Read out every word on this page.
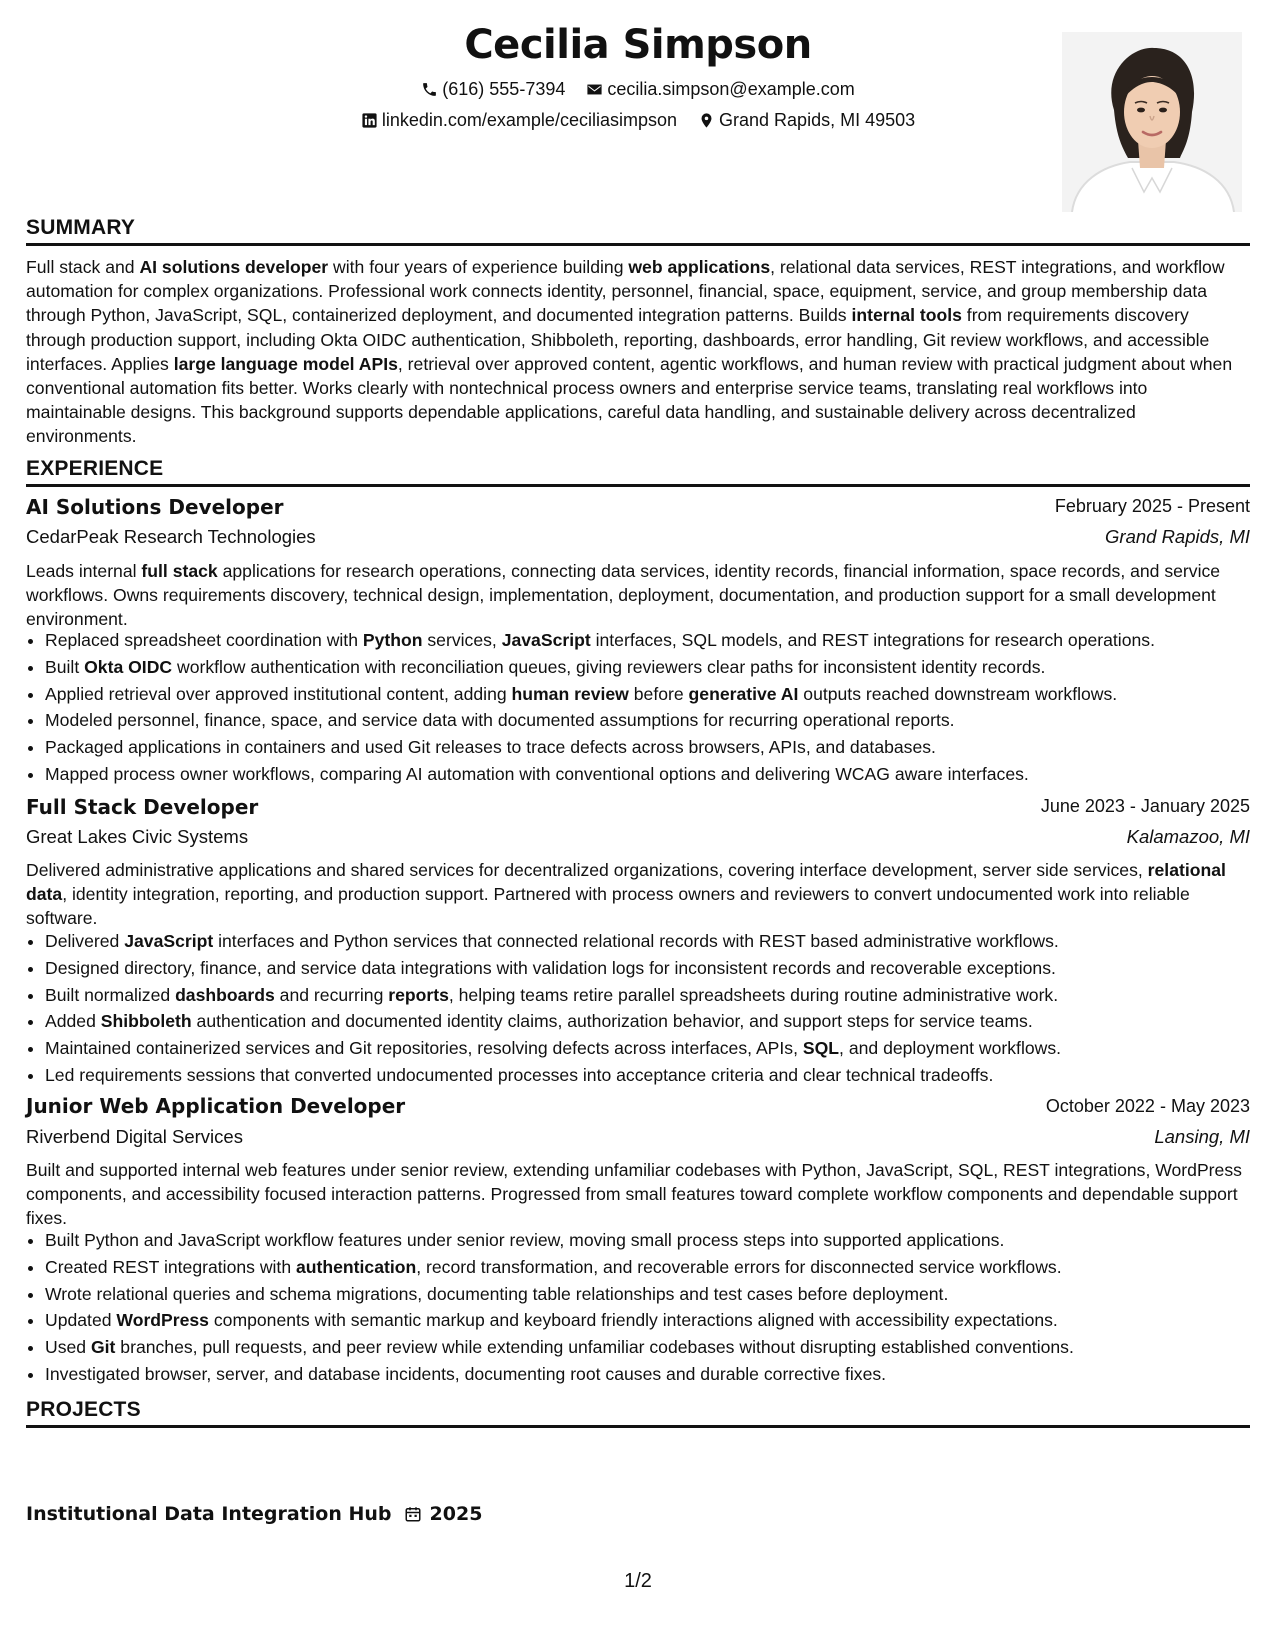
Cecilia Simpson
(616) 555-7394
cecilia.simpson@example.com
linkedin.com/example/ceciliasimpson
Grand Rapids, MI 49503
SUMMARY

Full stack and AI solutions developer with four years of experience building web applications, relational data services, REST integrations, and workflow automation for complex organizations. Professional work connects identity, personnel, financial, space, equipment, service, and group membership data through Python, JavaScript, SQL, containerized deployment, and documented integration patterns. Builds internal tools from requirements discovery through production support, including Okta OIDC authentication, Shibboleth, reporting, dashboards, error handling, Git review workflows, and accessible interfaces. Applies large language model APIs, retrieval over approved content, agentic workflows, and human review with practical judgment about when conventional automation fits better. Works clearly with nontechnical process owners and enterprise service teams, translating real workflows into maintainable designs. This background supports dependable applications, careful data handling, and sustainable delivery across decentralized environments.

EXPERIENCE
AI Solutions Developer	February 2025 - Present
CedarPeak Research Technologies	Grand Rapids, MI

Leads internal full stack applications for research operations, connecting data services, identity records, financial information, space records, and service workflows. Owns requirements discovery, technical design, implementation, deployment, documentation, and production support for a small development environment.

• Replaced spreadsheet coordination with Python services, JavaScript interfaces, SQL models, and REST integrations for research operations.
• Built Okta OIDC workflow authentication with reconciliation queues, giving reviewers clear paths for inconsistent identity records.
• Applied retrieval over approved institutional content, adding human review before generative AI outputs reached downstream workflows.
• Modeled personnel, finance, space, and service data with documented assumptions for recurring operational reports.
• Packaged applications in containers and used Git releases to trace defects across browsers, APIs, and databases.
• Mapped process owner workflows, comparing AI automation with conventional options and delivering WCAG aware interfaces.
Full Stack Developer	June 2023 - January 2025
Great Lakes Civic Systems	Kalamazoo, MI

Delivered administrative applications and shared services for decentralized organizations, covering interface development, server side services, relational data, identity integration, reporting, and production support. Partnered with process owners and reviewers to convert undocumented work into reliable software.

• Delivered JavaScript interfaces and Python services that connected relational records with REST based administrative workflows.
• Designed directory, finance, and service data integrations with validation logs for inconsistent records and recoverable exceptions.
• Built normalized dashboards and recurring reports, helping teams retire parallel spreadsheets during routine administrative work.
• Added Shibboleth authentication and documented identity claims, authorization behavior, and support steps for service teams.
• Maintained containerized services and Git repositories, resolving defects across interfaces, APIs, SQL, and deployment workflows.
• Led requirements sessions that converted undocumented processes into acceptance criteria and clear technical tradeoffs.
Junior Web Application Developer	October 2022 - May 2023
Riverbend Digital Services	Lansing, MI

Built and supported internal web features under senior review, extending unfamiliar codebases with Python, JavaScript, SQL, REST integrations, WordPress components, and accessibility focused interaction patterns. Progressed from small features toward complete workflow components and dependable support fixes.

• Built Python and JavaScript workflow features under senior review, moving small process steps into supported applications.
• Created REST integrations with authentication, record transformation, and recoverable errors for disconnected service workflows.
• Wrote relational queries and schema migrations, documenting table relationships and test cases before deployment.
• Updated WordPress components with semantic markup and keyboard friendly interactions aligned with accessibility expectations.
• Used Git branches, pull requests, and peer review while extending unfamiliar codebases without disrupting established conventions.
• Investigated browser, server, and database incidents, documenting root causes and durable corrective fixes.
PROJECTS
Institutional Data Integration Hub 2025
1/2
